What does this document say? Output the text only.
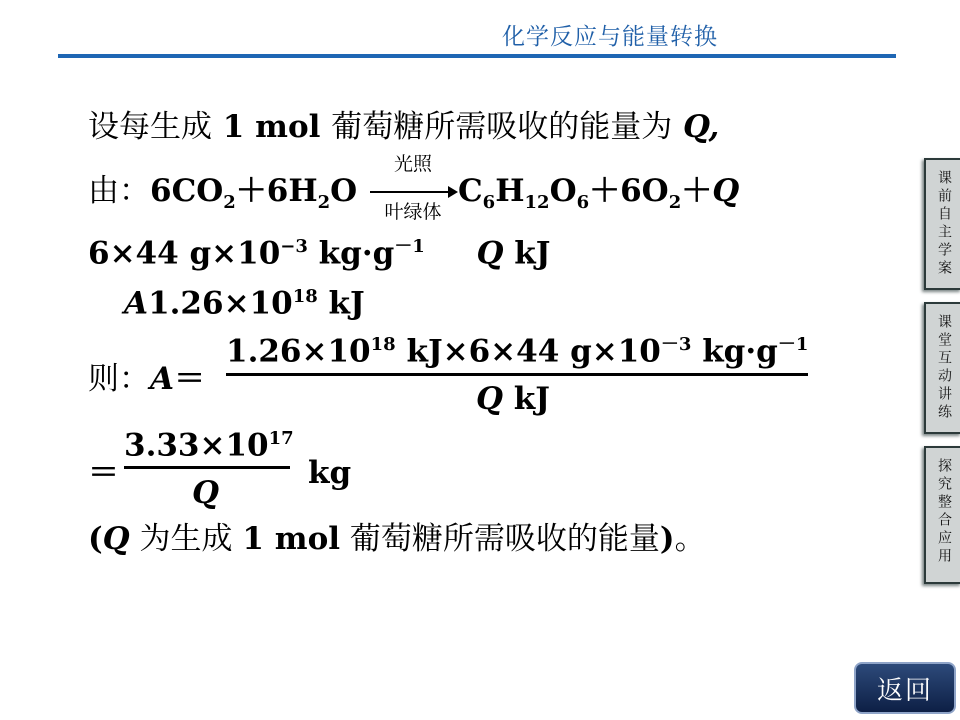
化学反应与能量转换
设每生成 1 mol 葡萄糖所需吸收的能量为 Q,
由：$6CO_2+6H_2O$
光照
叶绿体
$C_6H_{12}O_6+6O_2+Q$
6×44 $g\times 10^{-3}$ $kg\cdot g^{-1}$ Q kJ
$A1.26\times 10^{18}$ kJ
则：A＝
$1.26\times 10^{18}$ kJ×6×44 $g\times 10^{-3}$ $kg\cdot g^{-1}$
Q kJ
＝
$3.33\times 10^{17}$
Q
kg
(Q 为生成 1 mol 葡萄糖所需吸收的能量)。
课前自主学案
课堂互动讲练
探究整合应用
返回
